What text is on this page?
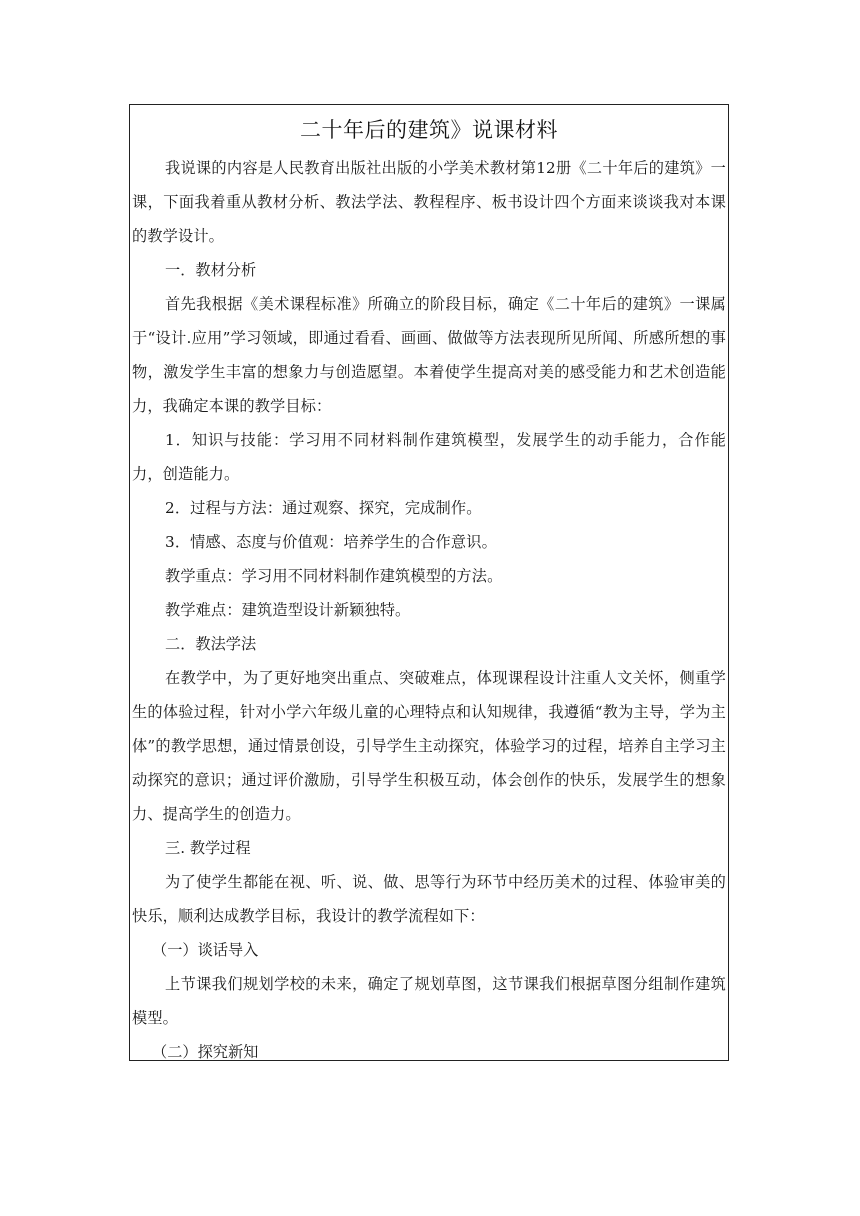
二十年后的建筑》说课材料

我说课的内容是人民教育出版社出版的小学美术教材第12册《二十年后的建筑》一课，下面我着重从教材分析、教法学法、教程程序、板书设计四个方面来谈谈我对本课的教学设计。

一．教材分析

首先我根据《美术课程标准》所确立的阶段目标，确定《二十年后的建筑》一课属于“设计.应用”学习领域，即通过看看、画画、做做等方法表现所见所闻、所感所想的事物，激发学生丰富的想象力与创造愿望。本着使学生提高对美的感受能力和艺术创造能力，我确定本课的教学目标：

1．知识与技能：学习用不同材料制作建筑模型，发展学生的动手能力，合作能力，创造能力。

2．过程与方法：通过观察、探究，完成制作。

3．情感、态度与价值观：培养学生的合作意识。

教学重点：学习用不同材料制作建筑模型的方法。

教学难点：建筑造型设计新颖独特。

二．教法学法

在教学中，为了更好地突出重点、突破难点，体现课程设计注重人文关怀，侧重学生的体验过程，针对小学六年级儿童的心理特点和认知规律，我遵循“教为主导，学为主体”的教学思想，通过情景创设，引导学生主动探究，体验学习的过程，培养自主学习主动探究的意识；通过评价激励，引导学生积极互动，体会创作的快乐，发展学生的想象力、提高学生的创造力。

三. 教学过程

为了使学生都能在视、听、说、做、思等行为环节中经历美术的过程、体验审美的快乐，顺利达成教学目标，我设计的教学流程如下：

（一）谈话导入

上节课我们规划学校的未来，确定了规划草图，这节课我们根据草图分组制作建筑模型。

（二）探究新知
